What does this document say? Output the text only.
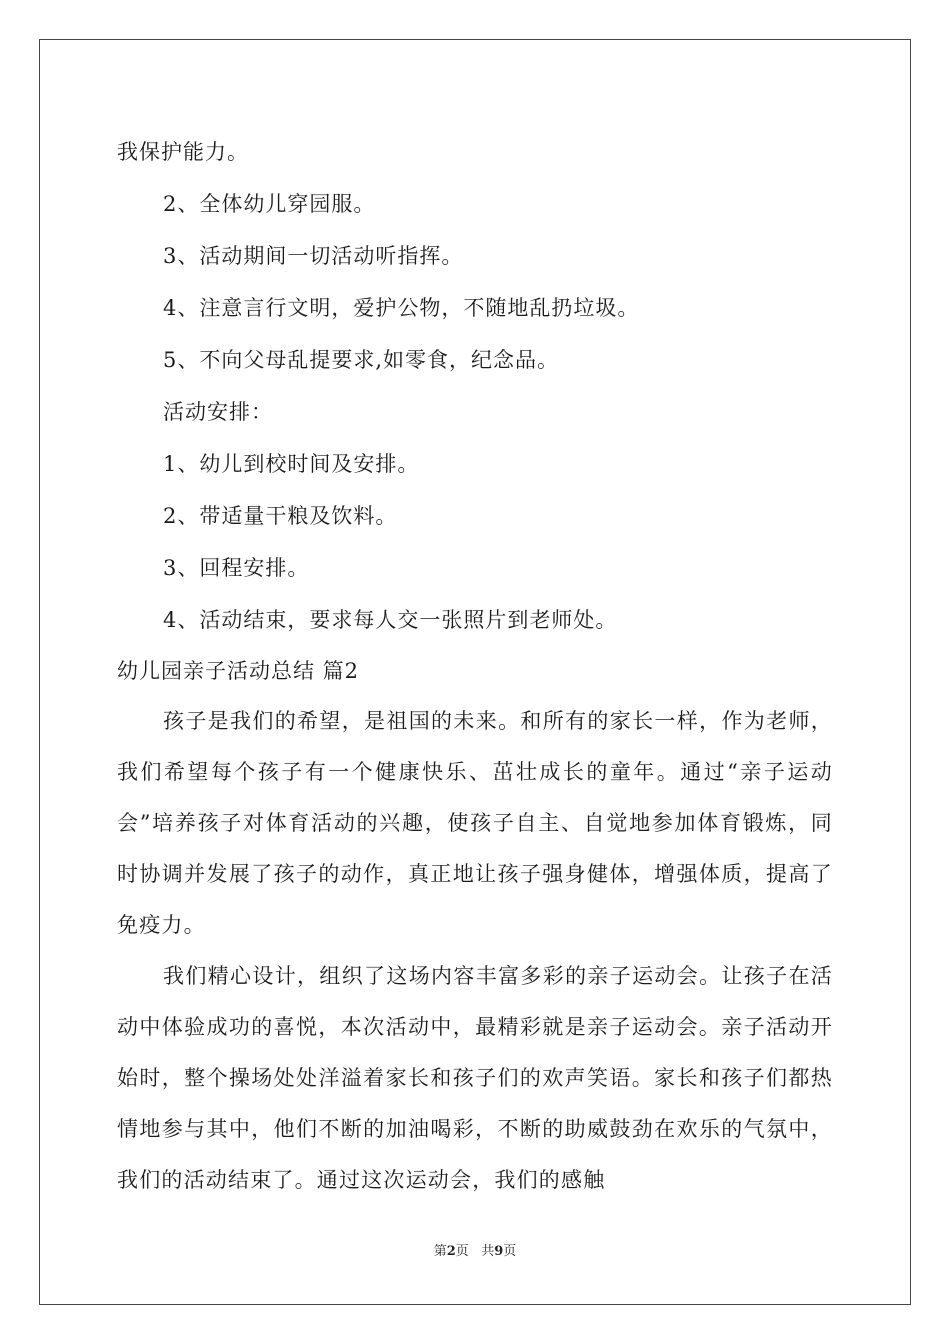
我保护能力。

2、全体幼儿穿园服。

3、活动期间一切活动听指挥。

4、注意言行文明，爱护公物，不随地乱扔垃圾。

5、不向父母乱提要求,如零食，纪念品。

活动安排：

1、幼儿到校时间及安排。

2、带适量干粮及饮料。

3、回程安排。

4、活动结束，要求每人交一张照片到老师处。

幼儿园亲子活动总结 篇2

孩子是我们的希望，是祖国的未来。和所有的家长一样，作为老师，我们希望每个孩子有一个健康快乐、茁壮成长的童年。通过“亲子运动会”培养孩子对体育活动的兴趣，使孩子自主、自觉地参加体育锻炼，同时协调并发展了孩子的动作，真正地让孩子强身健体，增强体质，提高了免疫力。

我们精心设计，组织了这场内容丰富多彩的亲子运动会。让孩子在活动中体验成功的喜悦，本次活动中，最精彩就是亲子运动会。亲子活动开始时，整个操场处处洋溢着家长和孩子们的欢声笑语。家长和孩子们都热情地参与其中，他们不断的加油喝彩，不断的助威鼓劲在欢乐的气氛中，我们的活动结束了。通过这次运动会，我们的感触

第2页 共9页
